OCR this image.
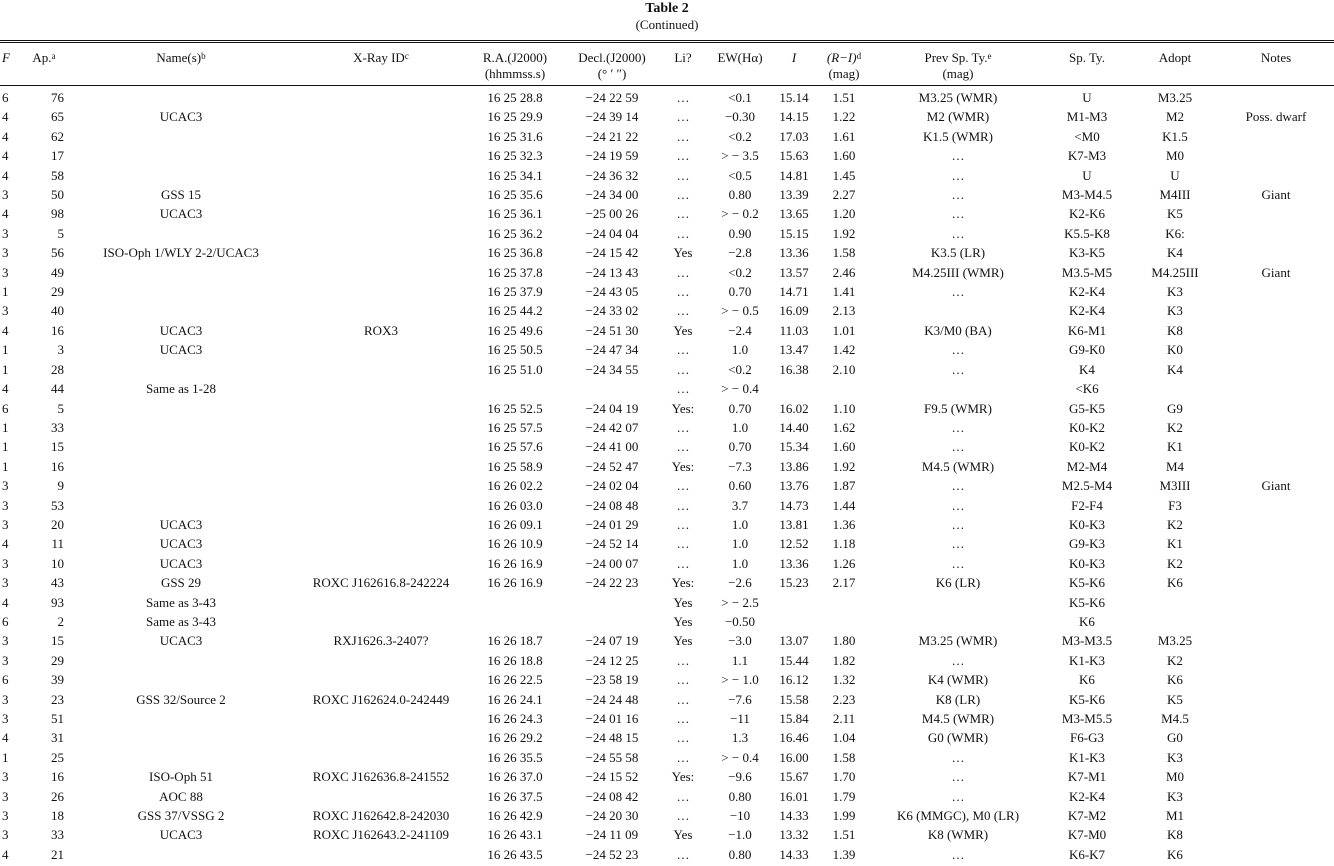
Table 2
(Continued)
F	Ap.$^a$	$Name(s)^b$	X-Ray $ID^c$	R.A.(J2000)	Decl.(J2000)	Li?	EW(Hα)	I	$(R-I)^d$	Prev Sp. Ty.$^e$	Sp. Ty.	Adopt	Notes
				(hhmmss.s)	(° ′ ″)				(mag)	(mag)			
6	76			16 25 28.8	−24 22 59	…	<0.1	15.14	1.51	M3.25 (WMR)	U	M3.25	
4	65	UCAC3		16 25 29.9	−24 39 14	…	−0.30	14.15	1.22	M2 (WMR)	M1-M3	M2	Poss. dwarf
4	62			16 25 31.6	−24 21 22	…	<0.2	17.03	1.61	K1.5 (WMR)	<M0	K1.5	
4	17			16 25 32.3	−24 19 59	…	> − 3.5	15.63	1.60	…	K7-M3	M0	
4	58			16 25 34.1	−24 36 32	…	<0.5	14.81	1.45	…	U	U	
3	50	GSS 15		16 25 35.6	−24 34 00	…	0.80	13.39	2.27	…	M3-M4.5	M4III	Giant
4	98	UCAC3		16 25 36.1	−25 00 26	…	> − 0.2	13.65	1.20	…	K2-K6	K5	
3	5			16 25 36.2	−24 04 04	…	0.90	15.15	1.92	…	K5.5-K8	K6:	
3	56	ISO-Oph 1/WLY 2-2/UCAC3		16 25 36.8	−24 15 42	Yes	−2.8	13.36	1.58	K3.5 (LR)	K3-K5	K4	
3	49			16 25 37.8	−24 13 43	…	<0.2	13.57	2.46	M4.25III (WMR)	M3.5-M5	M4.25III	Giant
1	29			16 25 37.9	−24 43 05	…	0.70	14.71	1.41	…	K2-K4	K3	
3	40			16 25 44.2	−24 33 02	…	> − 0.5	16.09	2.13		K2-K4	K3	
4	16	UCAC3	ROX3	16 25 49.6	−24 51 30	Yes	−2.4	11.03	1.01	K3/M0 (BA)	K6-M1	K8	
1	3	UCAC3		16 25 50.5	−24 47 34	…	1.0	13.47	1.42	…	G9-K0	K0	
1	28			16 25 51.0	−24 34 55	…	<0.2	16.38	2.10	…	K4	K4	
4	44	Same as 1-28				…	> − 0.4				<K6		
6	5			16 25 52.5	−24 04 19	Yes:	0.70	16.02	1.10	F9.5 (WMR)	G5-K5	G9	
1	33			16 25 57.5	−24 42 07	…	1.0	14.40	1.62	…	K0-K2	K2	
1	15			16 25 57.6	−24 41 00	…	0.70	15.34	1.60	…	K0-K2	K1	
1	16			16 25 58.9	−24 52 47	Yes:	−7.3	13.86	1.92	M4.5 (WMR)	M2-M4	M4	
3	9			16 26 02.2	−24 02 04	…	0.60	13.76	1.87	…	M2.5-M4	M3III	Giant
3	53			16 26 03.0	−24 08 48	…	3.7	14.73	1.44	…	F2-F4	F3	
3	20	UCAC3		16 26 09.1	−24 01 29	…	1.0	13.81	1.36	…	K0-K3	K2	
4	11	UCAC3		16 26 10.9	−24 52 14	…	1.0	12.52	1.18	…	G9-K3	K1	
3	10	UCAC3		16 26 16.9	−24 00 07	…	1.0	13.36	1.26	…	K0-K3	K2	
3	43	GSS 29	ROXC J162616.8-242224	16 26 16.9	−24 22 23	Yes:	−2.6	15.23	2.17	K6 (LR)	K5-K6	K6	
4	93	Same as 3-43				Yes	> − 2.5				K5-K6		
6	2	Same as 3-43				Yes	−0.50				K6		
3	15	UCAC3	RXJ1626.3-2407?	16 26 18.7	−24 07 19	Yes	−3.0	13.07	1.80	M3.25 (WMR)	M3-M3.5	M3.25	
3	29			16 26 18.8	−24 12 25	…	1.1	15.44	1.82	…	K1-K3	K2	
6	39			16 26 22.5	−23 58 19	…	> − 1.0	16.12	1.32	K4 (WMR)	K6	K6	
3	23	GSS 32/Source 2	ROXC J162624.0-242449	16 26 24.1	−24 24 48	…	−7.6	15.58	2.23	K8 (LR)	K5-K6	K5	
3	51			16 26 24.3	−24 01 16	…	−11	15.84	2.11	M4.5 (WMR)	M3-M5.5	M4.5	
4	31			16 26 29.2	−24 48 15	…	1.3	16.46	1.04	G0 (WMR)	F6-G3	G0	
1	25			16 26 35.5	−24 55 58	…	> − 0.4	16.00	1.58	…	K1-K3	K3	
3	16	ISO-Oph 51	ROXC J162636.8-241552	16 26 37.0	−24 15 52	Yes:	−9.6	15.67	1.70	…	K7-M1	M0	
3	26	AOC 88		16 26 37.5	−24 08 42	…	0.80	16.01	1.79	…	K2-K4	K3	
3	18	GSS 37/VSSG 2	ROXC J162642.8-242030	16 26 42.9	−24 20 30	…	−10	14.33	1.99	K6 (MMGC), M0 (LR)	K7-M2	M1	
3	33	UCAC3	ROXC J162643.2-241109	16 26 43.1	−24 11 09	Yes	−1.0	13.32	1.51	K8 (WMR)	K7-M0	K8	
4	21			16 26 43.5	−24 52 23	…	0.80	14.33	1.39	…	K6-K7	K6	
